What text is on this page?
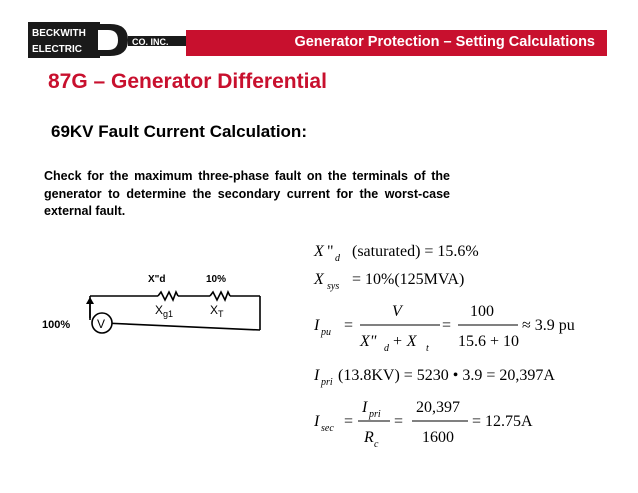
BECKWITH
ELECTRIC
CO. INC.	Generator Protection – Setting Calculations
87G – Generator Differential
69KV Fault Current Calculation:
Check for the maximum three-phase fault on the terminals of the generator to determine the secondary current for the worst-case external fault.
V
100%
X"d	10%
$X_{g1}$	$X_T$
X " d (saturated) = 15.6%
X sys = 10%(125MVA)
I pu =
V
X" d + X t
=
100
15.6 + 10
≈ 3.9 pu
I pri (13.8KV) = 5230 • 3.9 = 20,397A
I sec =
I pri
R c
=
20,397
1600
= 12.75A
